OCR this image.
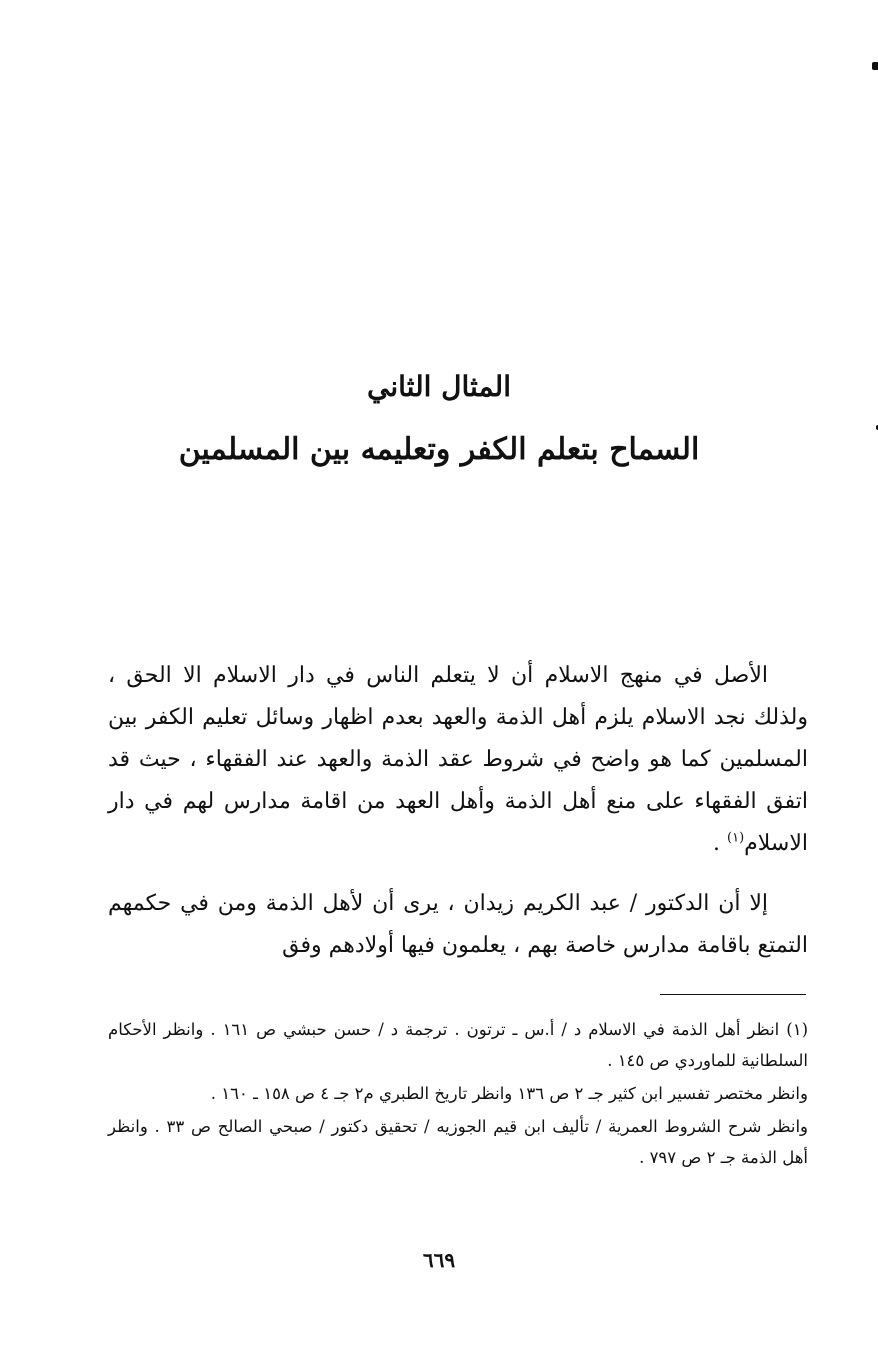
المثال الثاني
السماح بتعلم الكفر وتعليمه بين المسلمين

الأصل في منهج الاسلام أن لا يتعلم الناس في دار الاسلام الا الحق ، ولذلك نجد الاسلام يلزم أهل الذمة والعهد بعدم اظهار وسائل تعليم الكفر بين المسلمين كما هو واضح في شروط عقد الذمة والعهد عند الفقهاء ، حيث قد اتفق الفقهاء على منع أهل الذمة وأهل العهد من اقامة مدارس لهم في دار الاسلام$^{(١)}$ .

إلا أن الدكتور / عبد الكريم زيدان ، يرى أن لأهل الذمة ومن في حكمهم التمتع باقامة مدارس خاصة بهم ، يعلمون فيها أولادهم وفق

(١) انظر أهل الذمة في الاسلام د / أ.س ـ ترتون . ترجمة د / حسن حبشي ص ١٦١ . وانظر الأحكام السلطانية للماوردي ص ١٤٥ .

وانظر مختصر تفسير ابن كثير جـ ٢ ص ١٣٦ وانظر تاريخ الطبري م٢ جـ ٤ ص ١٥٨ ـ ١٦٠ .

وانظر شرح الشروط العمرية / تأليف ابن قيم الجوزيه / تحقيق دكتور / صبحي الصالح ص ٣٣ . وانظر أهل الذمة جـ ٢ ص ٧٩٧ .

٦٦٩
